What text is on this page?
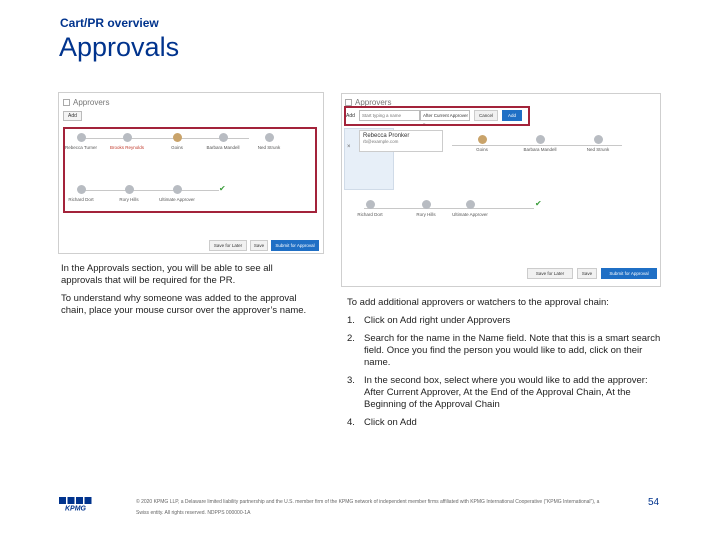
Cart/PR overview
Approvals
Approvers
Add
Rebecca Turner	Brooks Reynolds	Goins	Barbara Mandell	Ned Strunk
Richard Dort	Rory Hills	Ultimate Approver
✔
Save for Later	Save	Submit for Approval
Approvers
Add
Start typing a name	After Current Approver ▾
Cancel	Add
Rebecca Pronker
rb@example.com
×	Goins	Barbara Mandell	Ned Strunk
Richard Dort	Rory Hills	Ultimate Approver
✔
Save for Later	Save	Submit for Approval
In the Approvals section, you will be able to see all approvals that will be required for the PR.
To understand why someone was added to the approval chain, place your mouse cursor over the approver’s name.
To add additional approvers or watchers to the approval chain:
1. Click on Add right under Approvers
2. Search for the name in the Name field. Note that this is a smart search field. Once you find the person you would like to add, click on their name.
3. In the second box, select where you would like to add the approver: After Current Approver, At the End of the Approval Chain, At the Beginning of the Approval Chain
4. Click on Add
KPMG
© 2020 KPMG LLP, a Delaware limited liability partnership and the U.S. member firm of the KPMG network of independent member firms affiliated with KPMG International Cooperative (“KPMG International”), a Swiss entity. All rights reserved. NDPPS 000000-1A
54
